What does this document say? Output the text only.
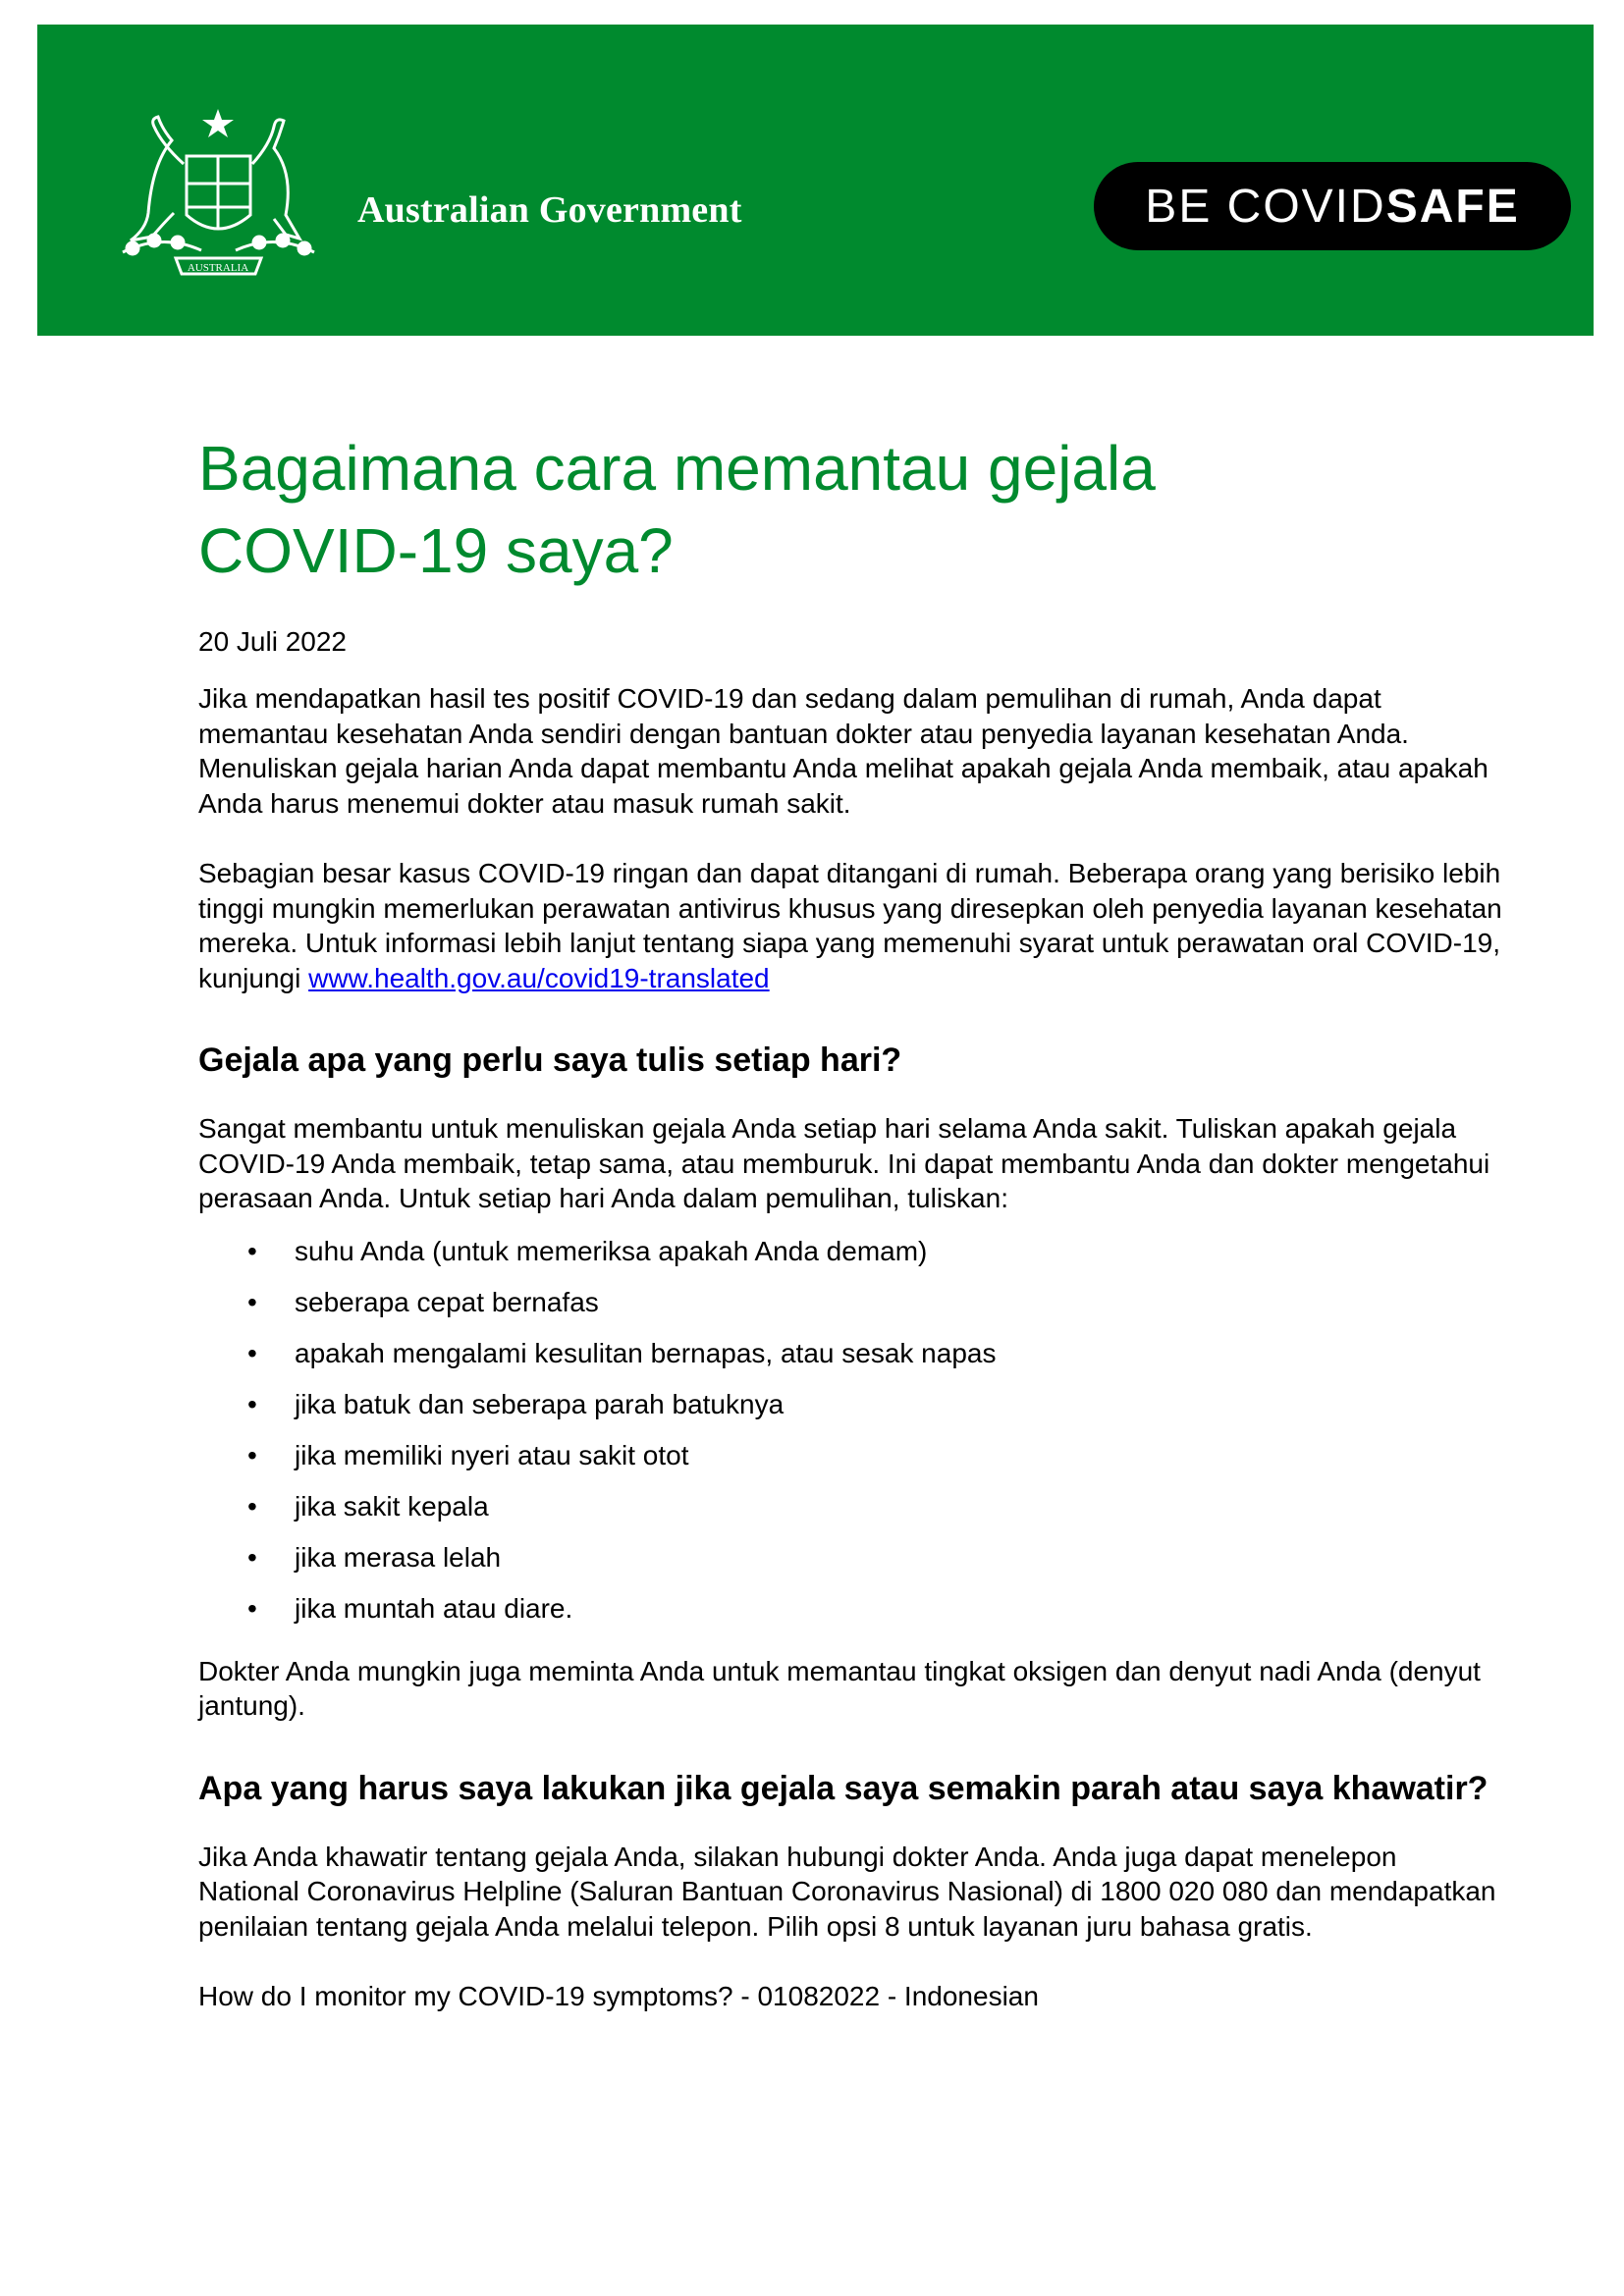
AUSTRALIA
Australian Government	BE COVID SAFE
Bagaimana cara memantau gejala
COVID-19 saya?
20 Juli 2022

Jika mendapatkan hasil tes positif COVID-19 dan sedang dalam pemulihan di rumah, Anda dapat memantau kesehatan Anda sendiri dengan bantuan dokter atau penyedia layanan kesehatan Anda. Menuliskan gejala harian Anda dapat membantu Anda melihat apakah gejala Anda membaik, atau apakah Anda harus menemui dokter atau masuk rumah sakit.

Sebagian besar kasus COVID-19 ringan dan dapat ditangani di rumah. Beberapa orang yang berisiko lebih tinggi mungkin memerlukan perawatan antivirus khusus yang diresepkan oleh penyedia layanan kesehatan mereka. Untuk informasi lebih lanjut tentang siapa yang memenuhi syarat untuk perawatan oral COVID-19, kunjungi www.health.gov.au/covid19-translated

Gejala apa yang perlu saya tulis setiap hari?

Sangat membantu untuk menuliskan gejala Anda setiap hari selama Anda sakit. Tuliskan apakah gejala COVID-19 Anda membaik, tetap sama, atau memburuk. Ini dapat membantu Anda dan dokter mengetahui perasaan Anda. Untuk setiap hari Anda dalam pemulihan, tuliskan:

• suhu Anda (untuk memeriksa apakah Anda demam)
• seberapa cepat bernafas
• apakah mengalami kesulitan bernapas, atau sesak napas
• jika batuk dan seberapa parah batuknya
• jika memiliki nyeri atau sakit otot
• jika sakit kepala
• jika merasa lelah
• jika muntah atau diare.

Dokter Anda mungkin juga meminta Anda untuk memantau tingkat oksigen dan denyut nadi Anda (denyut jantung).

Apa yang harus saya lakukan jika gejala saya semakin parah atau saya khawatir?

Jika Anda khawatir tentang gejala Anda, silakan hubungi dokter Anda. Anda juga dapat menelepon National Coronavirus Helpline (Saluran Bantuan Coronavirus Nasional) di 1800 020 080 dan mendapatkan penilaian tentang gejala Anda melalui telepon. Pilih opsi 8 untuk layanan juru bahasa gratis.

How do I monitor my COVID-19 symptoms? - 01082022 - Indonesian
